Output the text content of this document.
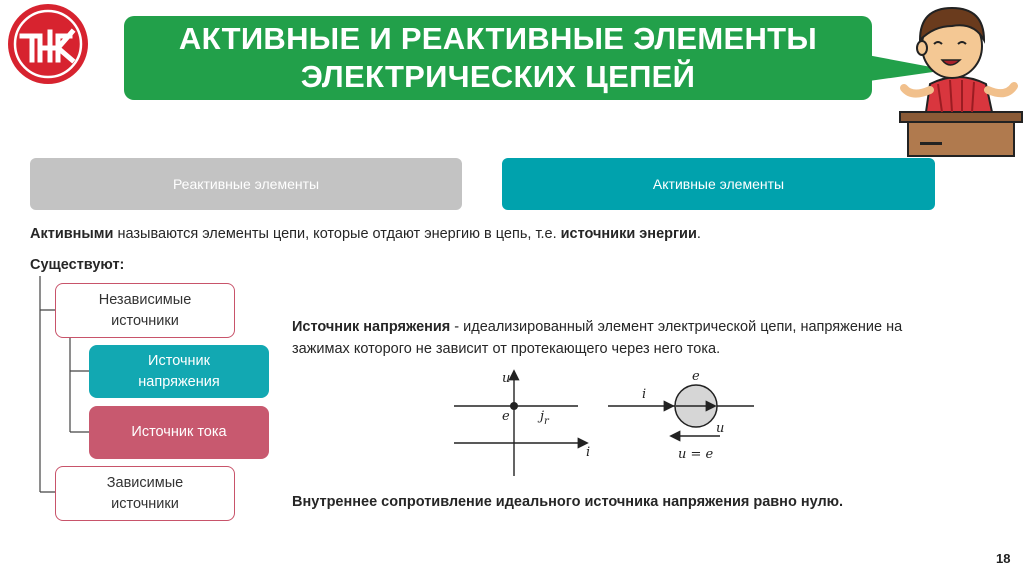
АКТИВНЫЕ И РЕАКТИВНЫЕ ЭЛЕМЕНТЫ
ЭЛЕКТРИЧЕСКИХ ЦЕПЕЙ
Реактивные элементы	Активные элементы
Активными называются элементы цепи, которые отдают энергию в цепь, т.е. источники энергии.
Существуют:
Независимые
источники
Источник
напряжения
Источник тока
Зависимые
источники
Источник напряжения - идеализированный элемент электрической цепи, напряжение на зажимах которого не зависит от протекающего через него тока.
u
e $j_r$
i
i
e
u
u = e
Внутреннее сопротивление идеального источника напряжения равно нулю.
18
